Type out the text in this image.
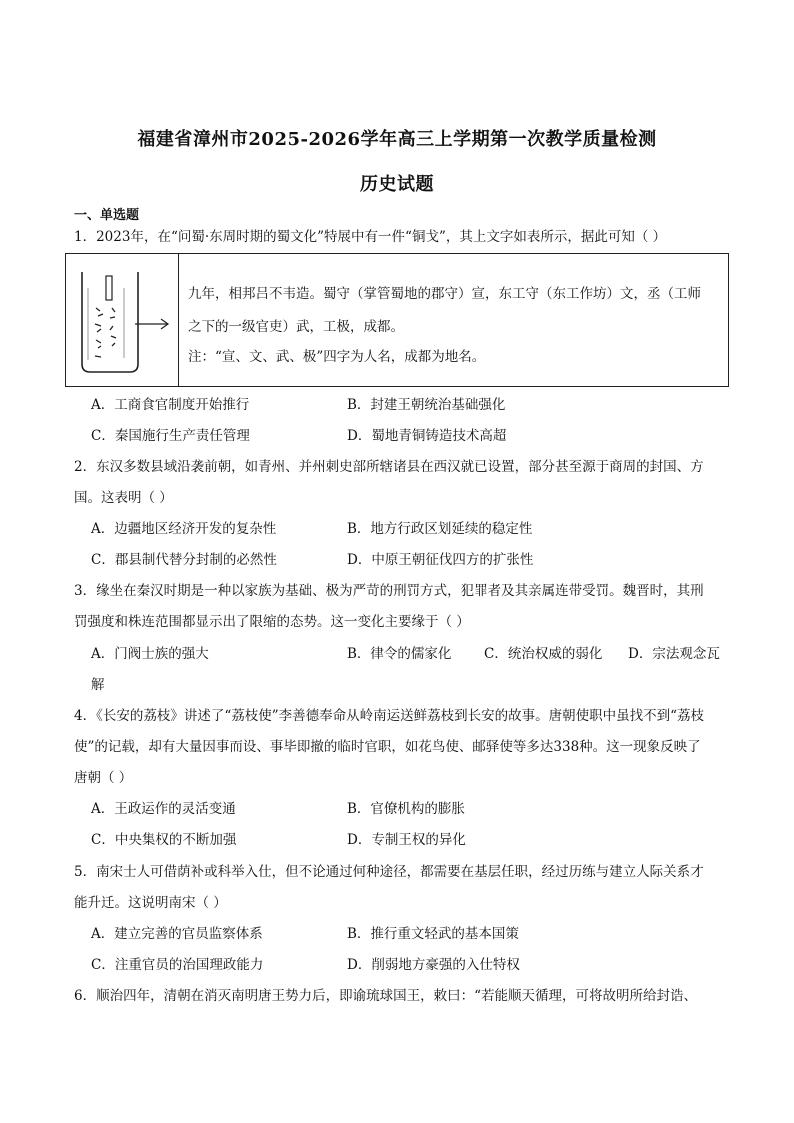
福建省漳州市2025-2026学年高三上学期第一次教学质量检测
历史试题
一、单选题
1．2023年，在“问蜀·东周时期的蜀文化”特展中有一件“铜戈”，其上文字如表所示，据此可知（ ）
九年，相邦吕不韦造。蜀守（掌管蜀地的郡守）宣，东工守（东工作坊）文，丞（工师
之下的一级官吏）武，工极，成都。
注：“宣、文、武、极”四字为人名，成都为地名。
A．工商食官制度开始推行	B．封建王朝统治基础强化
C．秦国施行生产责任管理	D．蜀地青铜铸造技术高超
2．东汉多数县域沿袭前朝，如青州、并州刺史部所辖诸县在西汉就已设置，部分甚至源于商周的封国、方
国。这表明（ ）
A．边疆地区经济开发的复杂性	B．地方行政区划延续的稳定性
C．郡县制代替分封制的必然性	D．中原王朝征伐四方的扩张性
3．缘坐在秦汉时期是一种以家族为基础、极为严苛的刑罚方式，犯罪者及其亲属连带受罚。魏晋时，其刑
罚强度和株连范围都显示出了限缩的态势。这一变化主要缘于（ ）
A．门阀士族的强大	B．律令的儒家化 C．统治权威的弱化 D．宗法观念瓦
解
4．《长安的荔枝》讲述了“荔枝使”李善德奉命从岭南运送鲜荔枝到长安的故事。唐朝使职中虽找不到“荔枝
使”的记载，却有大量因事而设、事毕即撤的临时官职，如花鸟使、邮驿使等多达338种。这一现象反映了
唐朝（ ）
A．王政运作的灵活变通	B．官僚机构的膨胀
C．中央集权的不断加强	D．专制王权的异化
5．南宋士人可借荫补或科举入仕，但不论通过何种途径，都需要在基层任职，经过历练与建立人际关系才
能升迁。这说明南宋（ ）
A．建立完善的官员监察体系	B．推行重文轻武的基本国策
C．注重官员的治国理政能力	D．削弱地方豪强的入仕特权
6．顺治四年，清朝在消灭南明唐王势力后，即谕琉球国王，敕曰：“若能顺天循理，可将故明所给封诰、
